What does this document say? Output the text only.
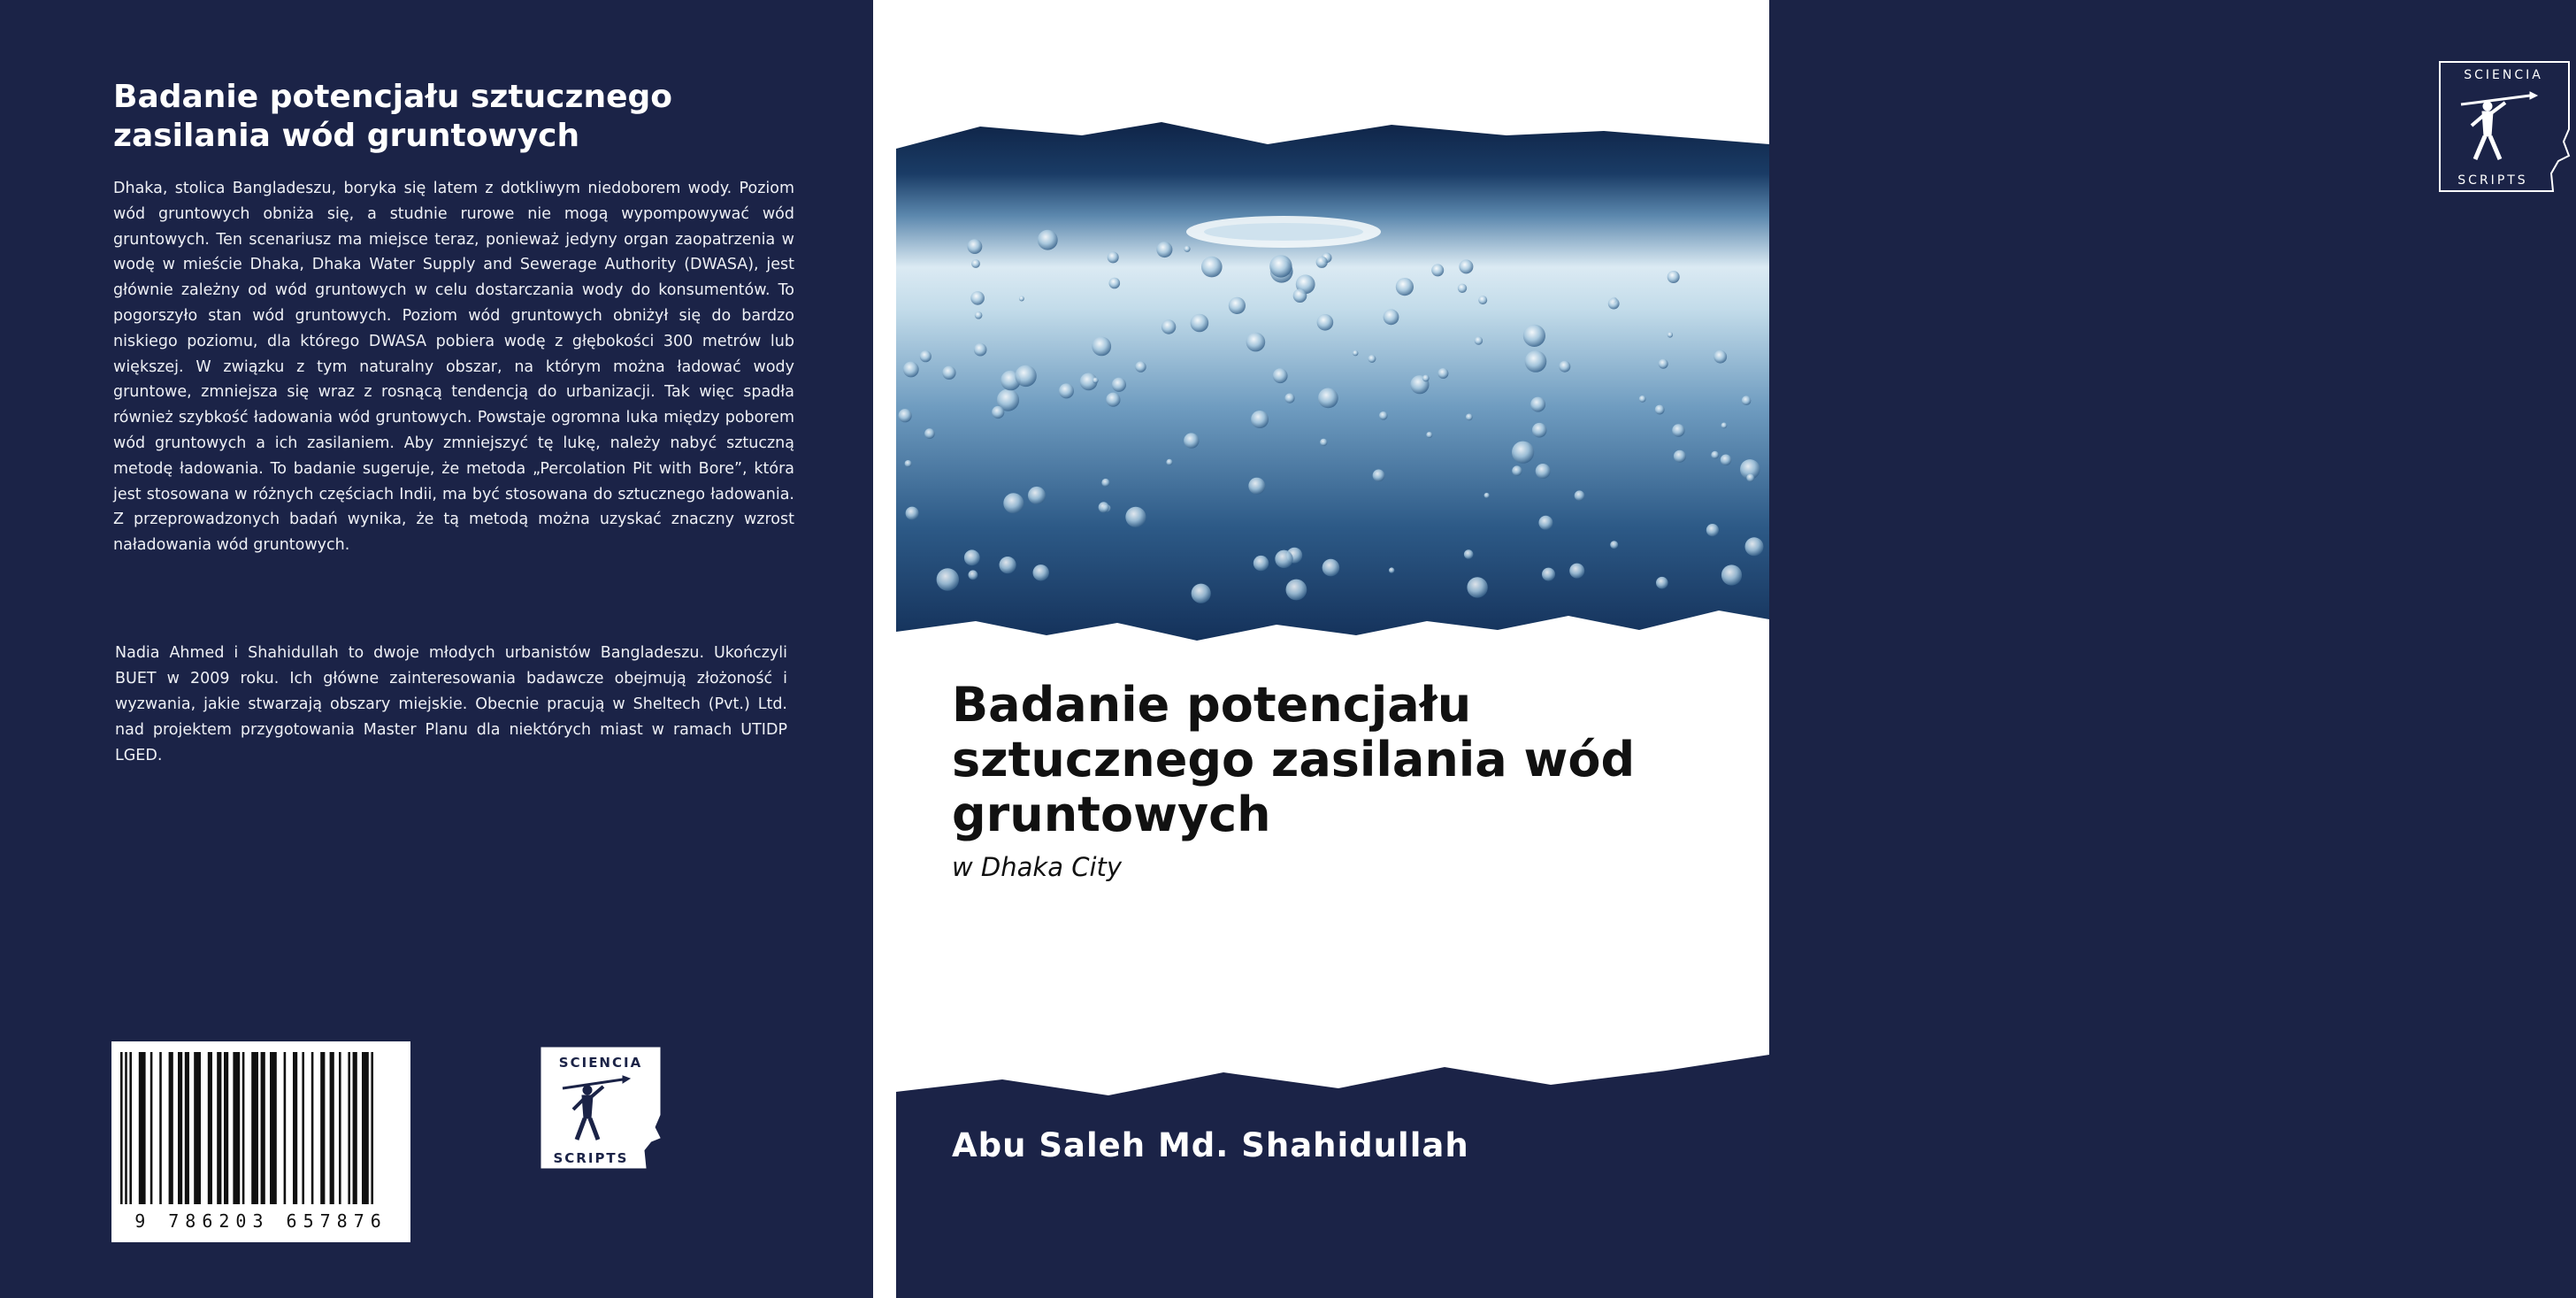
Badanie potencjału sztucznego zasilania wód gruntowych
Dhaka, stolica Bangladeszu, boryka się latem z dotkliwym niedoborem wody. Poziom wód gruntowych obniża się, a studnie rurowe nie mogą wypompowywać wód gruntowych. Ten scenariusz ma miejsce teraz, ponieważ jedyny organ zaopatrzenia w wodę w mieście Dhaka, Dhaka Water Supply and Sewerage Authority (DWASA), jest głównie zależny od wód gruntowych w celu dostarczania wody do konsumentów. To pogorszyło stan wód gruntowych. Poziom wód gruntowych obniżył się do bardzo niskiego poziomu, dla którego DWASA pobiera wodę z głębokości 300 metrów lub większej. W związku z tym naturalny obszar, na którym można ładować wody gruntowe, zmniejsza się wraz z rosnącą tendencją do urbanizacji. Tak więc spadła również szybkość ładowania wód gruntowych. Powstaje ogromna luka między poborem wód gruntowych a ich zasilaniem. Aby zmniejszyć tę lukę, należy nabyć sztuczną metodę ładowania. To badanie sugeruje, że metoda „Percolation Pit with Bore”, która jest stosowana w różnych częściach Indii, ma być stosowana do sztucznego ładowania. Z przeprowadzonych badań wynika, że tą metodą można uzyskać znaczny wzrost naładowania wód gruntowych.
Nadia Ahmed i Shahidullah to dwoje młodych urbanistów Bangladeszu. Ukończyli BUET w 2009 roku. Ich główne zainteresowania badawcze obejmują złożoność i wyzwania, jakie stwarzają obszary miejskie. Obecnie pracują w Sheltech (Pvt.) Ltd. nad projektem przygotowania Master Planu dla niektórych miast w ramach UTIDP LGED.
9 786203 657876
SCIENCIA
SCRIPTS
SCIENCIA
SCRIPTS
Badanie potencjału sztucznego zasilania wód gruntowych
w Dhaka City
Abu Saleh Md. Shahidullah
